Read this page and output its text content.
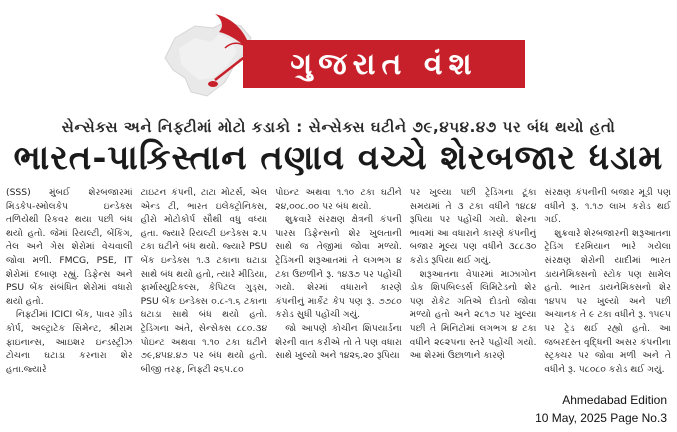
ગુજરાત વંશ
સેન્સેક્સ અને નિફ્ટીમાં મોટો કડાકો : સેન્સેક્સ ઘટીને ૭૯,૪૫૪.૪૭ પર બંધ થયો હતો
ભારત-પાકિસ્તાન તણાવ વચ્ચે શેરબજાર ધડામ

(SSS) મુંબઈ શેરબજારમાં મિડકેપ-સ્મોલકેપ ઇન્ડેક્સ તળિયેથી રિકવર થયા પછી બંધ થયો હતો. જેમાં રિયલ્ટી, બેંકિંગ, તેલ અને ગેસ શેરોમાં વેચવાલી જોવા મળી. FMCG, PSE, IT શેરોમાં દબાણ રહ્યું. ડિફેન્સ અને PSU બેંક સંબંધિત શેરોમાં વધારો થયો હતો.

નિફ્ટીમાં ICICI બેંક, પાવર ગ્રીડ કોર્પ, અલ્ટ્રાટેક સિમેન્ટ, શ્રીરામ ફાઇનાન્સ, આઇશર ઇન્ડસ્ટ્રીઝ ટોચના ઘટાડા કરનારા શેર હતા.જ્યારે

ટાઇટન કંપની, ટાટા મોટર્સ, એલ એન્ડ ટી, ભારત ઇલેક્ટ્રોનિક્સ, હીરો મોટોકોર્પ સૌથી વધુ વધ્યા હતા. જ્યારે રિયલ્ટી ઇન્ડેક્સ ૨.૫ ટકા ઘટીને બંધ થયો. જ્યારે PSU બેંક ઇન્ડેક્સ ૧.૩ ટકાના ઘટાડા સાથે બંધ થયો હતો, ત્યારે મીડિયા, ફાર્માસ્યુટિકલ્સ, કેપિટલ ગુડ્સ, PSU બેંક ઇન્ડેક્સ ૦.૮-૧.૬ ટકાના ઘટાડા સાથે બંધ થયો હતો. ટ્રેડિંગના અંતે, સેન્સેક્સ ૮૮૦.૩૪ પોઇન્ટ અથવા ૧.૧૦ ટકા ઘટીને ૭૯,૪૫૪.૪૭ પર બંધ થયો હતો. બીજી તરફ, નિફ્ટી ૨૬૫.૮૦

પોઇન્ટ અથવા ૧.૧૦ ટકા ઘટીને ૨૪,૦૦૮.૦૦ પર બંધ થયો.

શુક્રવારે સંરક્ષણ ક્ષેત્રની કંપની પારસ ડિફેન્સનો શેર ખુલતાની સાથે જ તેજીમાં જોવા મળ્યો. ટ્રેડિંગની શરૂઆતમાં તે લગભગ ૪ ટકા ઉછળીને રૂ. ૧૪૩૭ પર પહોંચી ગયો. શેરમાં વધારાને કારણે કંપનીનું માર્કેટ કેપ પણ રૂ. ૭૭૮૦ કરોડ સુધી પહોંચી ગયું.

જો આપણે કોચીન શિપયાર્ડના શેરની વાત કરીએ તો તે પણ વધારા સાથે ખુલ્યો અને ૧૪૨૬.૨૦ રૂપિયા

પર ખુલ્યા પછી ટ્રેડિંગના ટૂંકા સમયમાં તે ૩ ટકા વધીને ૧૪૮૪ રૂપિયા પર પહોંચી ગયો. શેરના ભાવમાં આ વધારાને કારણે કંપનીનું બજાર મૂલ્ય પણ વધીને ૩૮૮૩૦ કરોડ રૂપિયા થઈ ગયું.

શરૂઆતના વેપારમાં માઝાગોન ડોક શિપબિલ્ડર્સ લિમિટેડનો શેર પણ રોકેટ ગતિએ દોડતો જોવા મળ્યો હતો અને ૨૮૧૭ પર ખુલ્યા પછી તે મિનિટોમાં લગભગ ૪ ટકા વધીને ૨૯૨૫ના સ્તરે પહોંચી ગયો. આ શેરમાં ઉછાળાને કારણે

સંરક્ષણ કંપનીની બજાર મૂડી પણ વધીને રૂ. ૧.૧૭ લાખ કરોડ થઈ ગઈ.

શુક્રવારે શેરબજારની શરૂઆતના ટ્રેડિંગ દરમિયાન ભારે ગયેલા સંરક્ષણ શેરોની યાદીમાં ભારત ડાયનેમિક્સનો સ્ટોક પણ સામેલ હતો. ભારત ડાયનેમિક્સનો શેર ૧૪૫૫ પર ખુલ્યો અને પછી અચાનક તે ૯ ટકા વધીને રૂ. ૧૫૯૫ પર ટ્રેડ થઈ રહ્યો હતો. આ જબરદસ્ત વૃદ્ધિની અસર કંપનીના સ્ટ્રક્ચર પર જોવા મળી અને તે વધીને રૂ. ૫૮૦૮૦ કરોડ થઈ ગયું.

Ahmedabad Edition
10 May, 2025 Page No.3
